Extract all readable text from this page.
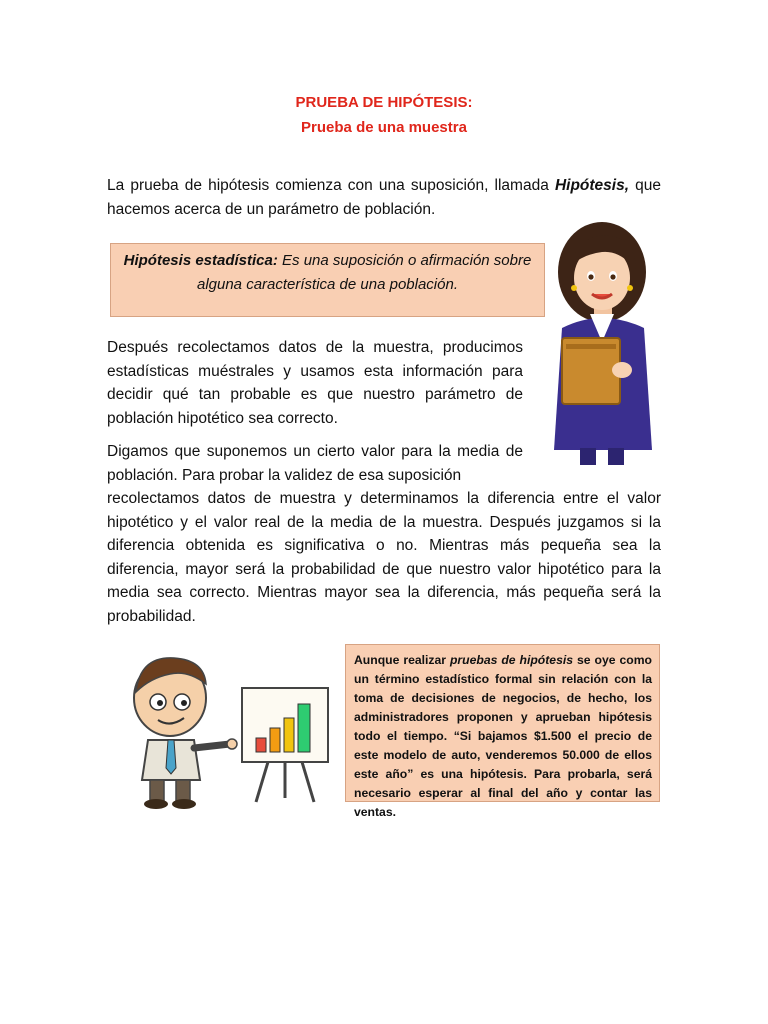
PRUEBA DE HIPÓTESIS:
Prueba de una muestra

La prueba de hipótesis comienza con una suposición, llamada Hipótesis, que hacemos acerca de un parámetro de población.

Hipótesis estadística: Es una suposición o afirmación sobre alguna característica de una población.

Después recolectamos datos de la muestra, producimos estadísticas muéstrales y usamos esta información para decidir qué tan probable es que nuestro parámetro de población hipotético sea correcto.

Digamos que suponemos un cierto valor para la media de población. Para probar la validez de esa suposición

recolectamos datos de muestra y determinamos la diferencia entre el valor hipotético y el valor real de la media de la muestra. Después juzgamos si la diferencia obtenida es significativa o no. Mientras más pequeña sea la diferencia, mayor será la probabilidad de que nuestro valor hipotético para la media sea correcto. Mientras mayor sea la diferencia, más pequeña será la probabilidad.

Aunque realizar pruebas de hipótesis se oye como un término estadístico formal sin relación con la toma de decisiones de negocios, de hecho, los administradores proponen y aprueban hipótesis todo el tiempo. “Si bajamos $1.500 el precio de este modelo de auto, venderemos 50.000 de ellos este año” es una hipótesis. Para probarla, será necesario esperar al final del año y contar las ventas.
